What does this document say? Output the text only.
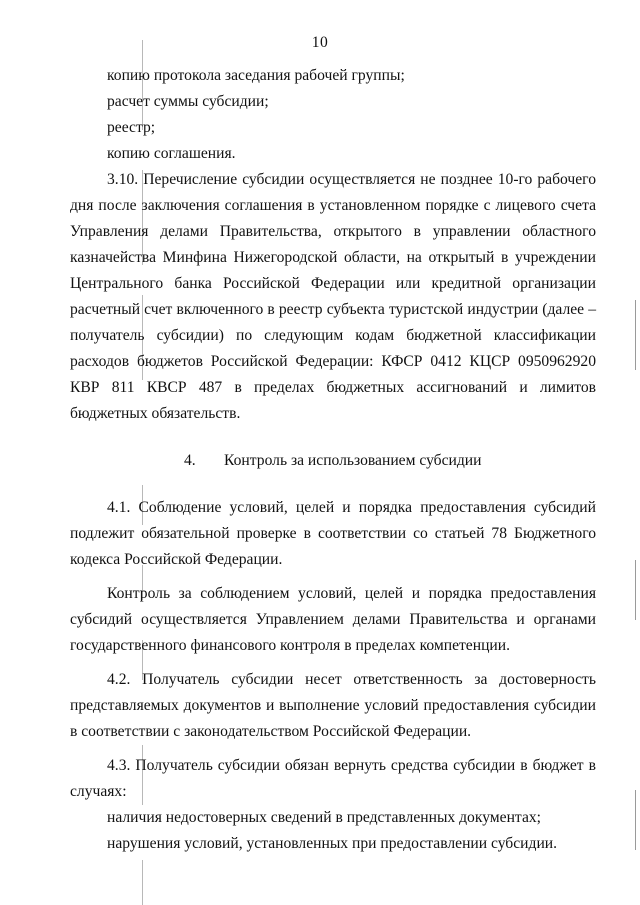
10

копию протокола заседания рабочей группы;

расчет суммы субсидии;

реестр;

копию соглашения.

3.10. Перечисление субсидии осуществляется не позднее 10-го рабочего дня после заключения соглашения в установленном порядке с лицевого счета Управления делами Правительства, открытого в управлении областного казначейства Минфина Нижегородской области, на открытый в учреждении Центрального банка Российской Федерации или кредитной организации расчетный счет включенного в реестр субъекта туристской индустрии (далее – получатель субсидии) по следующим кодам бюджетной классификации расходов бюджетов Российской Федерации: КФСР 0412 КЦСР 0950962920 КВР 811 КВСР 487 в пределах бюджетных ассигнований и лимитов бюджетных обязательств.

4. Контроль за использованием субсидии

4.1. Соблюдение условий, целей и порядка предоставления субсидий подлежит обязательной проверке в соответствии со статьей 78 Бюджетного кодекса Российской Федерации.

Контроль за соблюдением условий, целей и порядка предоставления субсидий осуществляется Управлением делами Правительства и органами государственного финансового контроля в пределах компетенции.

4.2. Получатель субсидии несет ответственность за достоверность представляемых документов и выполнение условий предоставления субсидии в соответствии с законодательством Российской Федерации.

4.3. Получатель субсидии обязан вернуть средства субсидии в бюджет в случаях:

наличия недостоверных сведений в представленных документах;

нарушения условий, установленных при предоставлении субсидии.
